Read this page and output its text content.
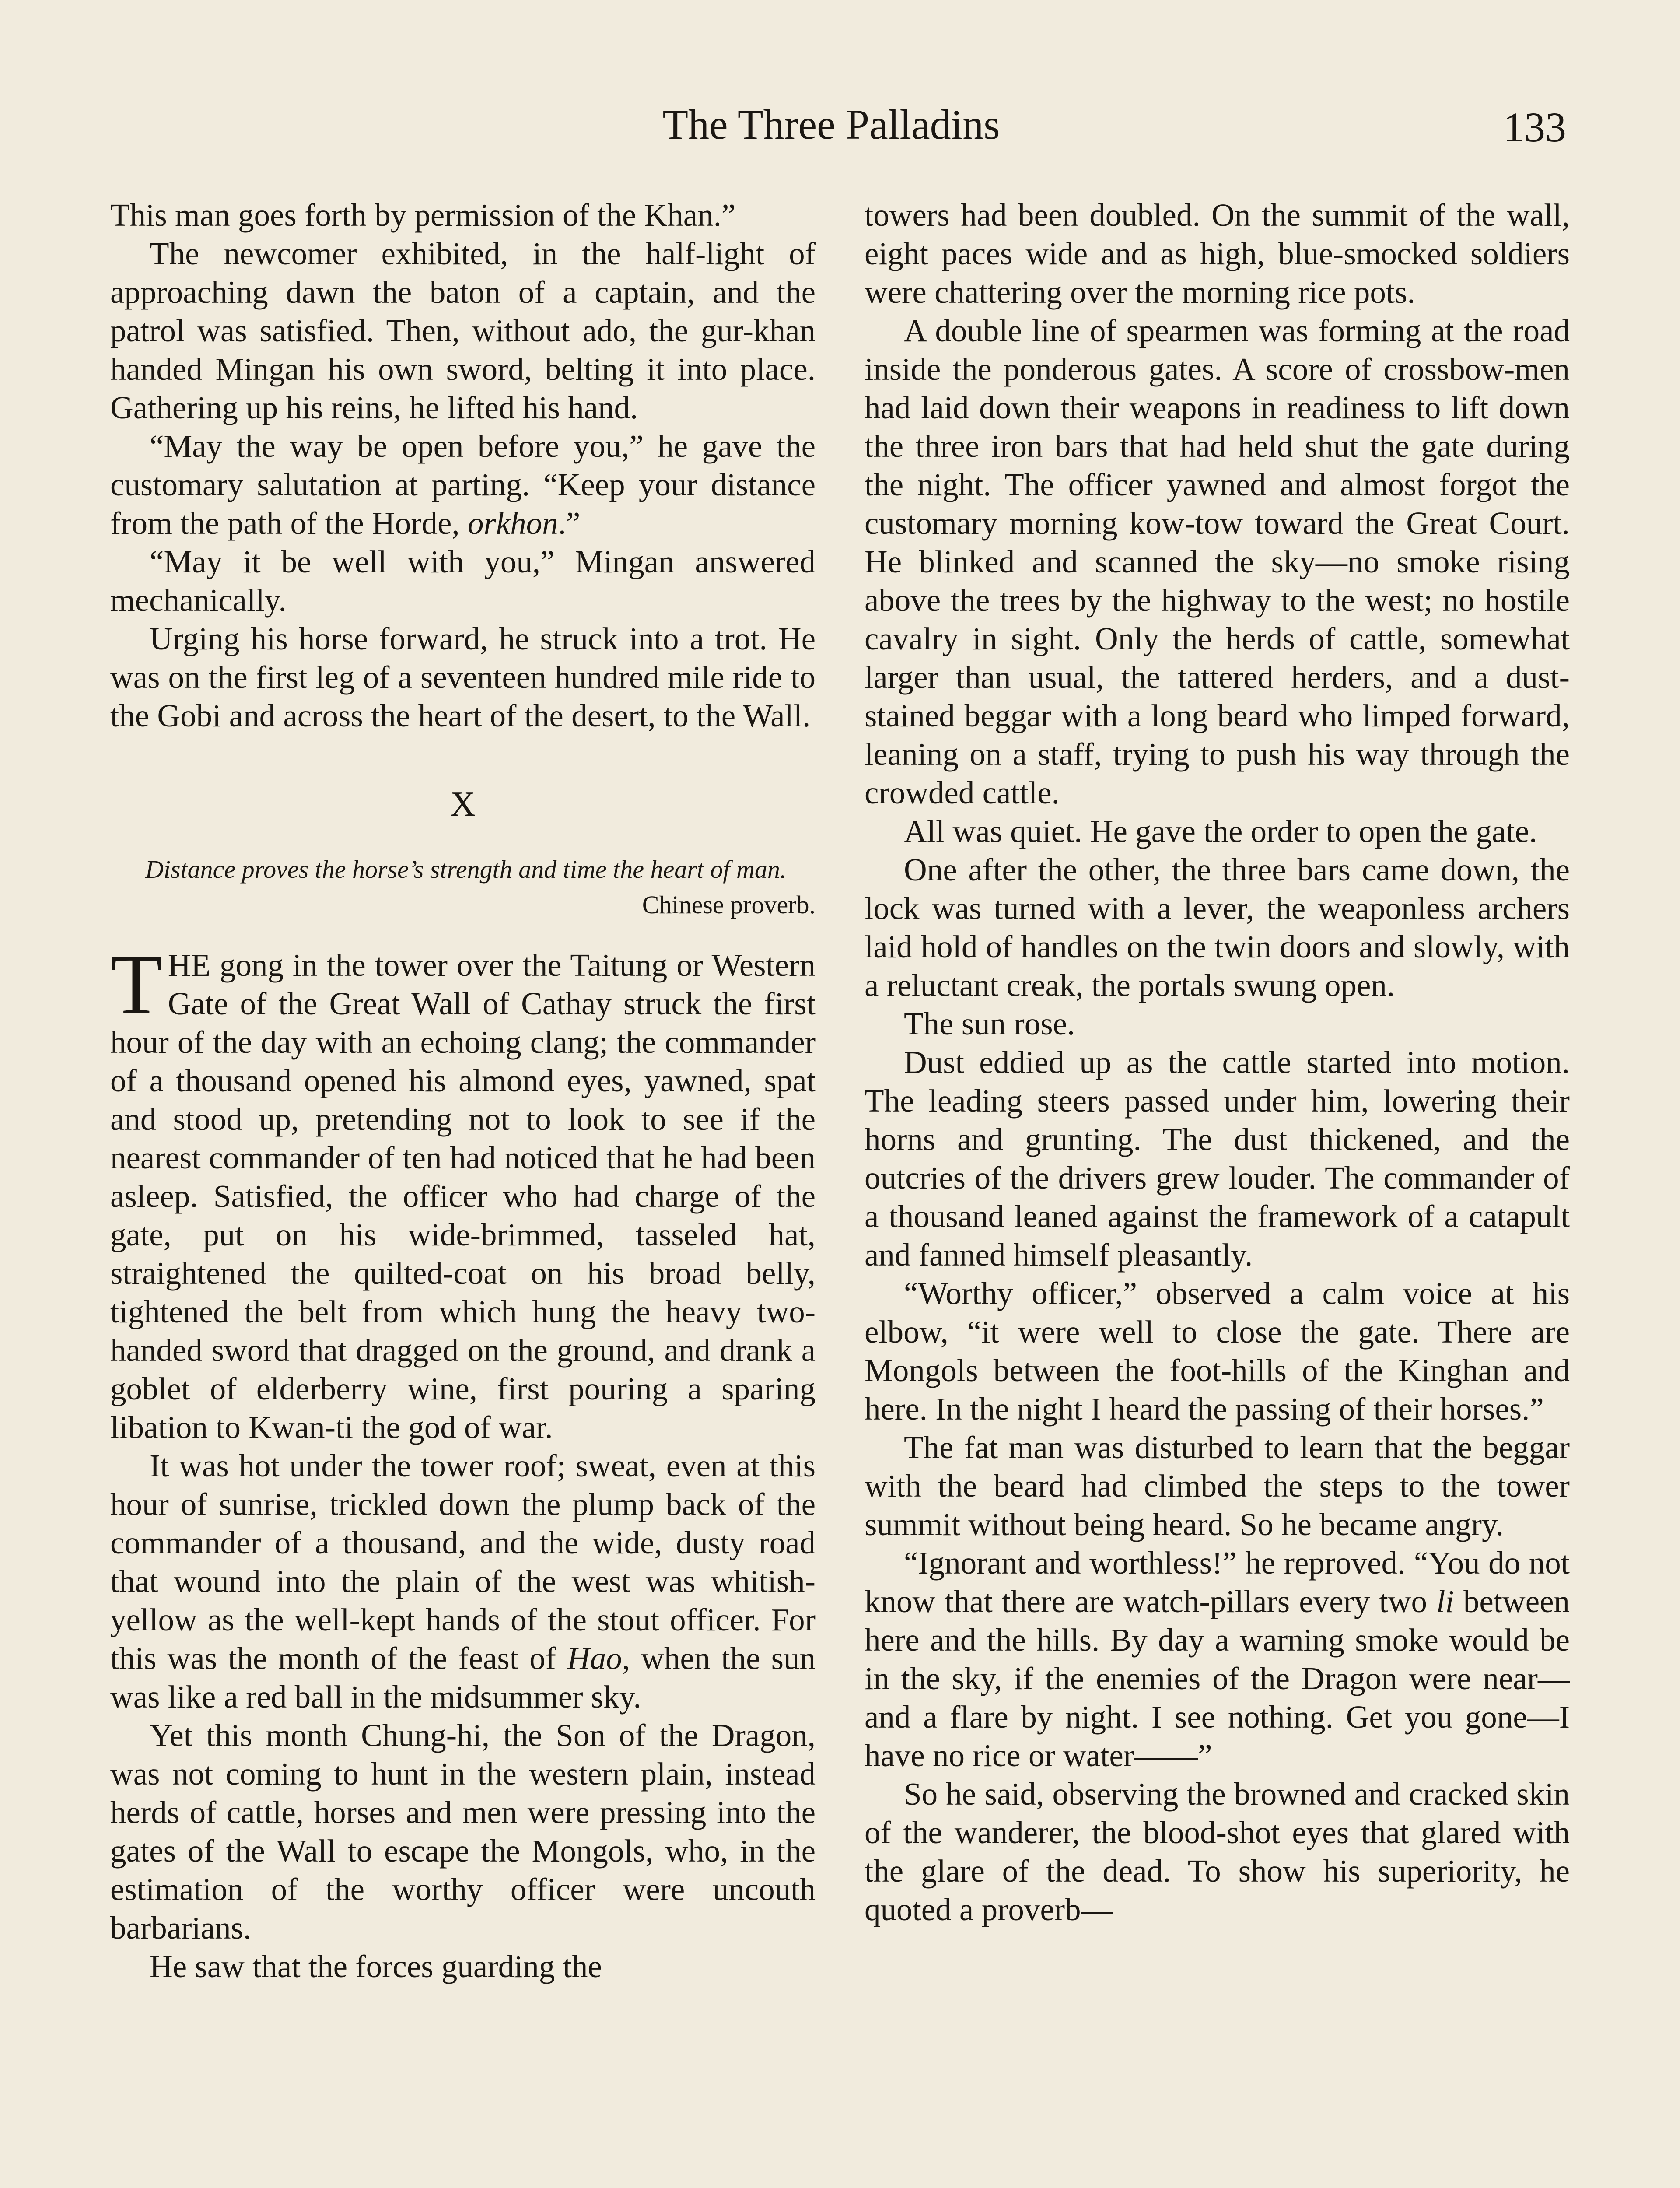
The Three Palladins	133

This man goes forth by permission of the Khan.”

The newcomer exhibited, in the half-light of approaching dawn the baton of a captain, and the patrol was satisfied. Then, without ado, the gur-khan handed Mingan his own sword, belting it into place. Gathering up his reins, he lifted his hand.

“May the way be open before you,” he gave the customary salutation at parting. “Keep your distance from the path of the Horde, orkhon.”

“May it be well with you,” Mingan answered mechanically.

Urging his horse forward, he struck into a trot. He was on the first leg of a seventeen hundred mile ride to the Gobi and across the heart of the desert, to the Wall.

X

Distance proves the horse’s strength and time the heart of man.

Chinese proverb.

THE gong in the tower over the Taitung or Western Gate of the Great Wall of Cathay struck the first hour of the day with an echoing clang; the commander of a thousand opened his almond eyes, yawned, spat and stood up, pretending not to look to see if the nearest commander of ten had noticed that he had been asleep. Satisfied, the officer who had charge of the gate, put on his wide-brimmed, tasseled hat, straightened the quilted-coat on his broad belly, tightened the belt from which hung the heavy two-handed sword that dragged on the ground, and drank a goblet of elderberry wine, first pouring a sparing libation to Kwan-ti the god of war.

It was hot under the tower roof; sweat, even at this hour of sunrise, trickled down the plump back of the commander of a thousand, and the wide, dusty road that wound into the plain of the west was whitish-yellow as the well-kept hands of the stout officer. For this was the month of the feast of Hao, when the sun was like a red ball in the midsummer sky.

Yet this month Chung-hi, the Son of the Dragon, was not coming to hunt in the western plain, instead herds of cattle, horses and men were pressing into the gates of the Wall to escape the Mongols, who, in the estimation of the worthy officer were uncouth barbarians.

He saw that the forces guarding the

towers had been doubled. On the summit of the wall, eight paces wide and as high, blue-smocked soldiers were chattering over the morning rice pots.

A double line of spearmen was forming at the road inside the ponderous gates. A score of crossbow-men had laid down their weapons in readiness to lift down the three iron bars that had held shut the gate during the night. The officer yawned and almost forgot the customary morning kow-tow toward the Great Court. He blinked and scanned the sky—no smoke rising above the trees by the highway to the west; no hostile cavalry in sight. Only the herds of cattle, somewhat larger than usual, the tattered herders, and a dust-stained beggar with a long beard who limped forward, leaning on a staff, trying to push his way through the crowded cattle.

All was quiet. He gave the order to open the gate.

One after the other, the three bars came down, the lock was turned with a lever, the weaponless archers laid hold of handles on the twin doors and slowly, with a reluctant creak, the portals swung open.

The sun rose.

Dust eddied up as the cattle started into motion. The leading steers passed under him, lowering their horns and grunting. The dust thickened, and the outcries of the drivers grew louder. The commander of a thousand leaned against the framework of a catapult and fanned himself pleasantly.

“Worthy officer,” observed a calm voice at his elbow, “it were well to close the gate. There are Mongols between the foot-hills of the Kinghan and here. In the night I heard the passing of their horses.”

The fat man was disturbed to learn that the beggar with the beard had climbed the steps to the tower summit without being heard. So he became angry.

“Ignorant and worthless!” he reproved. “You do not know that there are watch-pillars every two li between here and the hills. By day a warning smoke would be in the sky, if the enemies of the Dragon were near—and a flare by night. I see nothing. Get you gone—I have no rice or water——”

So he said, observing the browned and cracked skin of the wanderer, the blood-shot eyes that glared with the glare of the dead. To show his superiority, he quoted a proverb—
